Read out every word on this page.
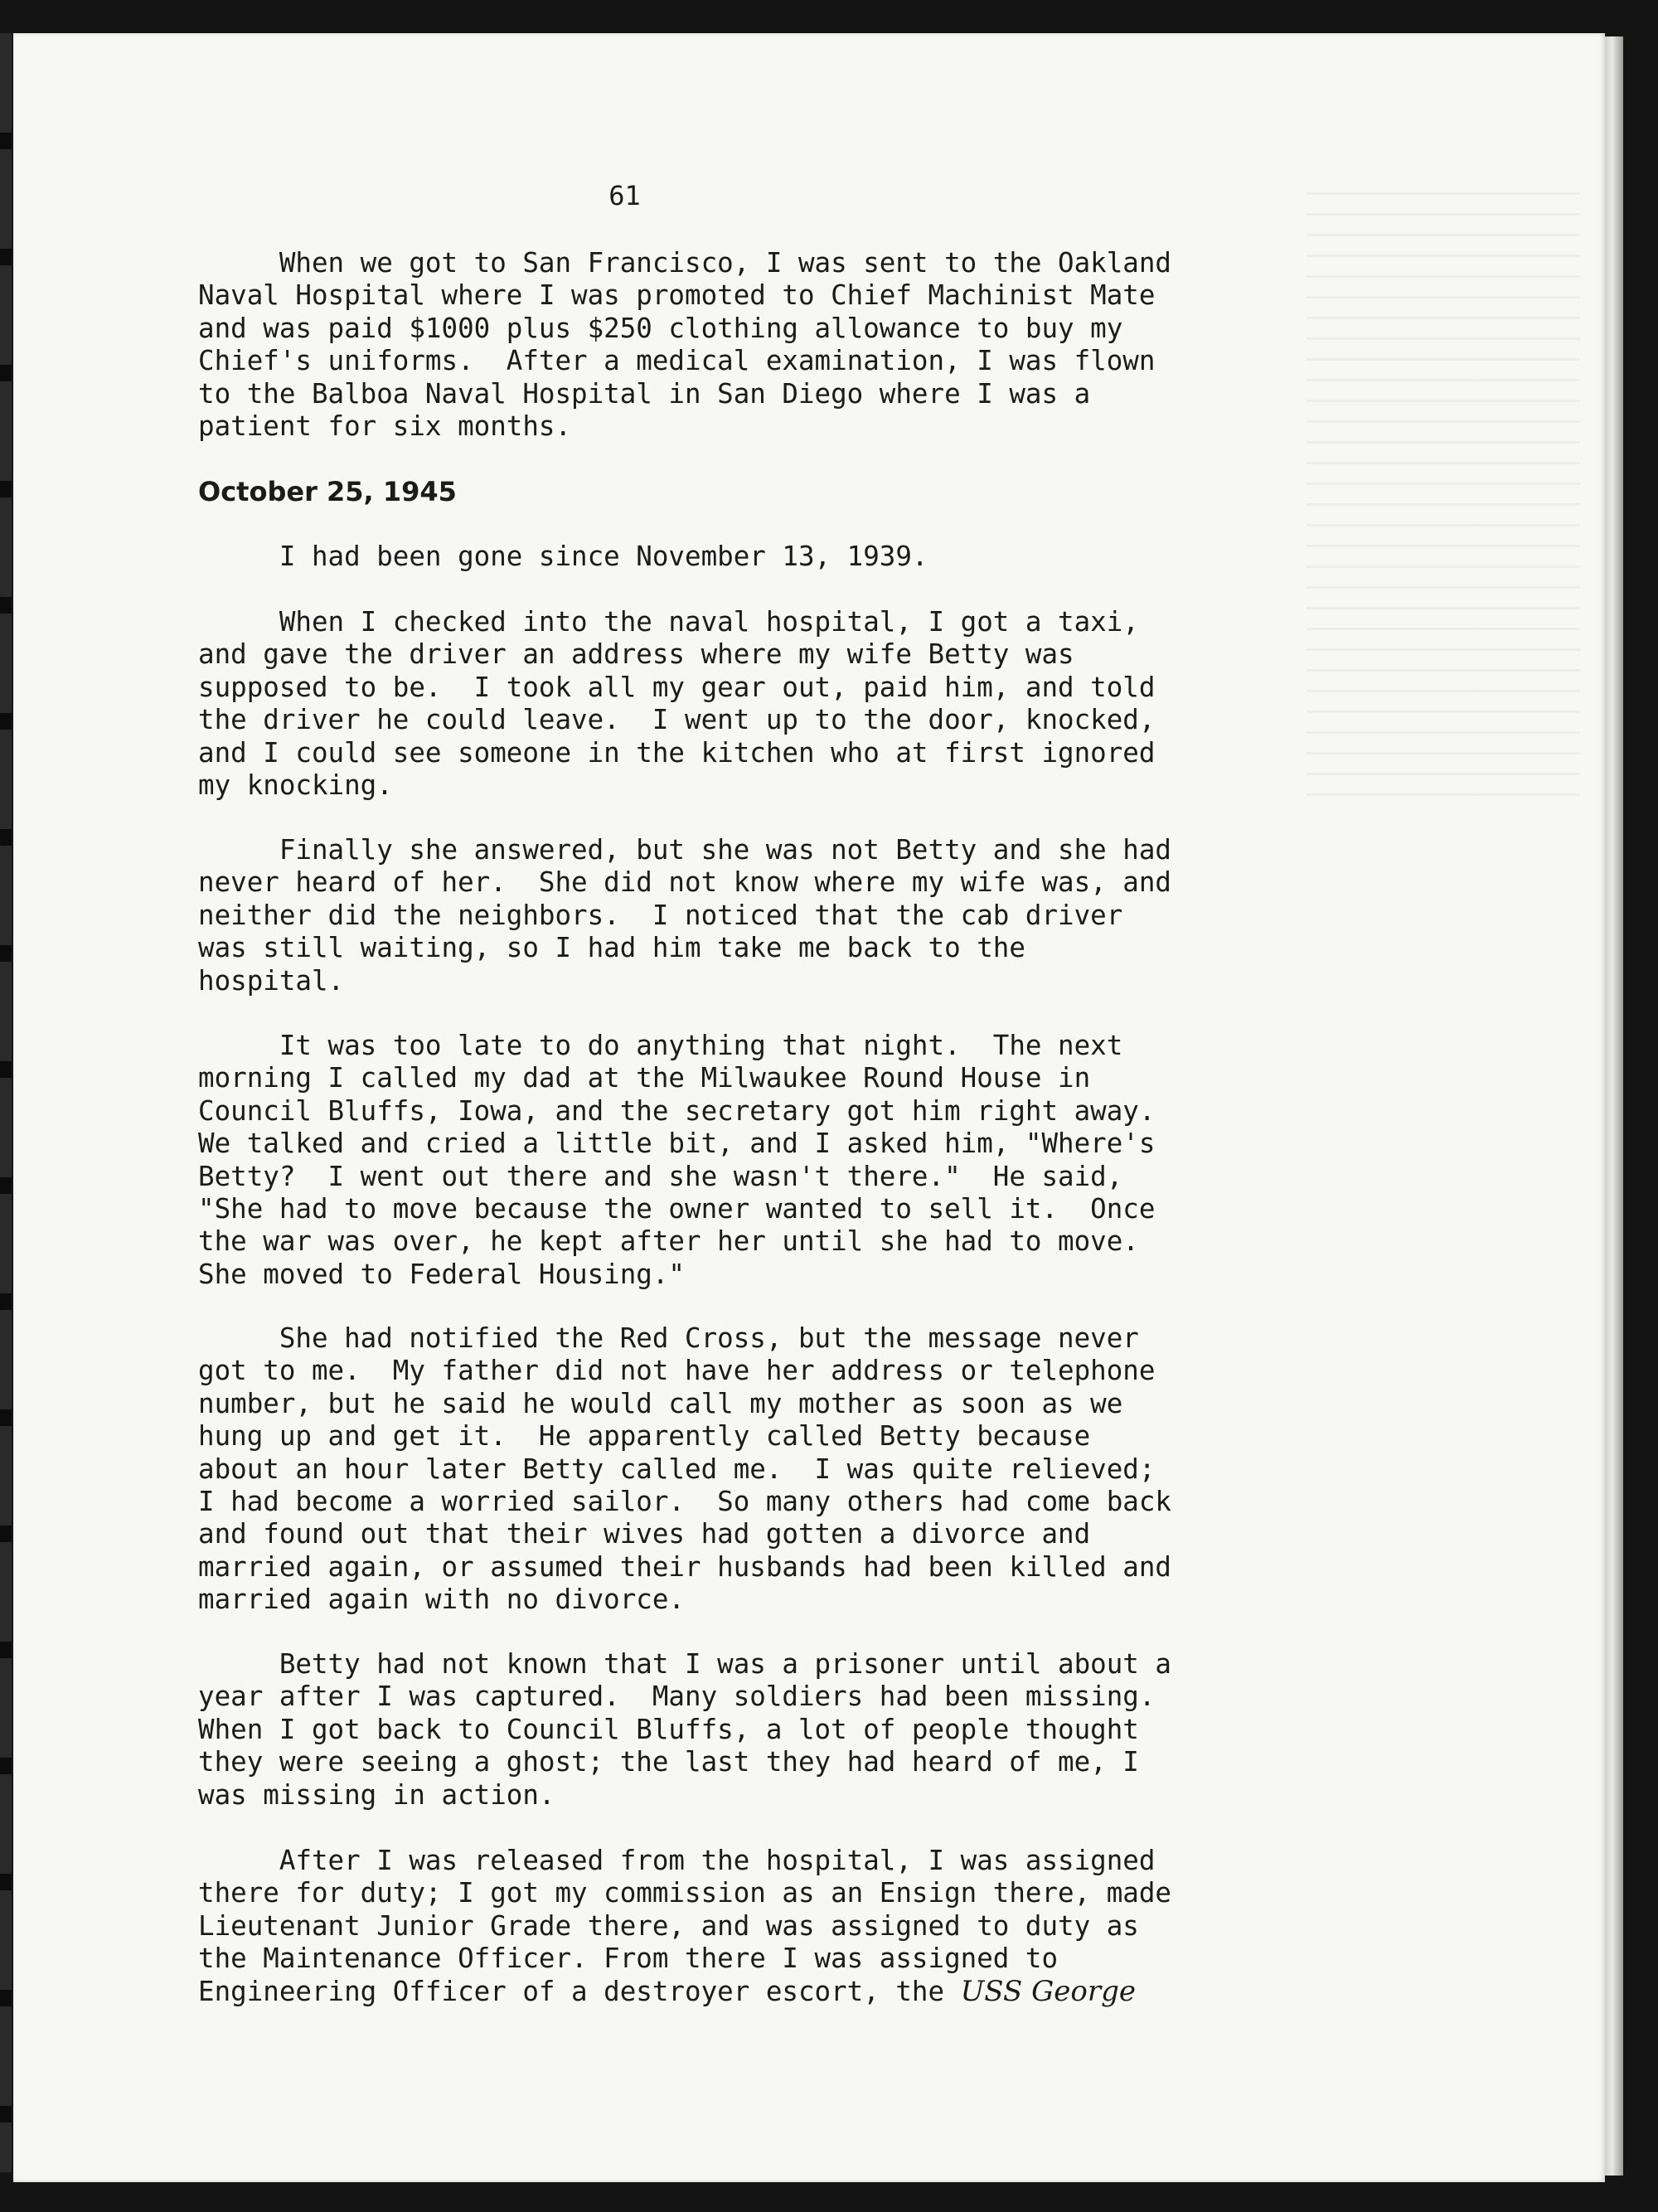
61

When we got to San Francisco, I was sent to the Oakland
Naval Hospital where I was promoted to Chief Machinist Mate
and was paid $1000 plus $250 clothing allowance to buy my
Chief's uniforms.  After a medical examination, I was flown
to the Balboa Naval Hospital in San Diego where I was a
patient for six months.

October 25, 1945

I had been gone since November 13, 1939.

When I checked into the naval hospital, I got a taxi,
and gave the driver an address where my wife Betty was
supposed to be.  I took all my gear out, paid him, and told
the driver he could leave.  I went up to the door, knocked,
and I could see someone in the kitchen who at first ignored
my knocking.

Finally she answered, but she was not Betty and she had
never heard of her.  She did not know where my wife was, and
neither did the neighbors.  I noticed that the cab driver
was still waiting, so I had him take me back to the
hospital.

It was too late to do anything that night.  The next
morning I called my dad at the Milwaukee Round House in
Council Bluffs, Iowa, and the secretary got him right away.
We talked and cried a little bit, and I asked him, "Where's
Betty?  I went out there and she wasn't there."  He said,
"She had to move because the owner wanted to sell it.  Once
the war was over, he kept after her until she had to move.
She moved to Federal Housing."

She had notified the Red Cross, but the message never
got to me.  My father did not have her address or telephone
number, but he said he would call my mother as soon as we
hung up and get it.  He apparently called Betty because
about an hour later Betty called me.  I was quite relieved;
I had become a worried sailor.  So many others had come back
and found out that their wives had gotten a divorce and
married again, or assumed their husbands had been killed and
married again with no divorce.

Betty had not known that I was a prisoner until about a
year after I was captured.  Many soldiers had been missing.
When I got back to Council Bluffs, a lot of people thought
they were seeing a ghost; the last they had heard of me, I
was missing in action.

After I was released from the hospital, I was assigned
there for duty; I got my commission as an Ensign there, made
Lieutenant Junior Grade there, and was assigned to duty as
the Maintenance Officer. From there I was assigned to
Engineering Officer of a destroyer escort, the USS George
